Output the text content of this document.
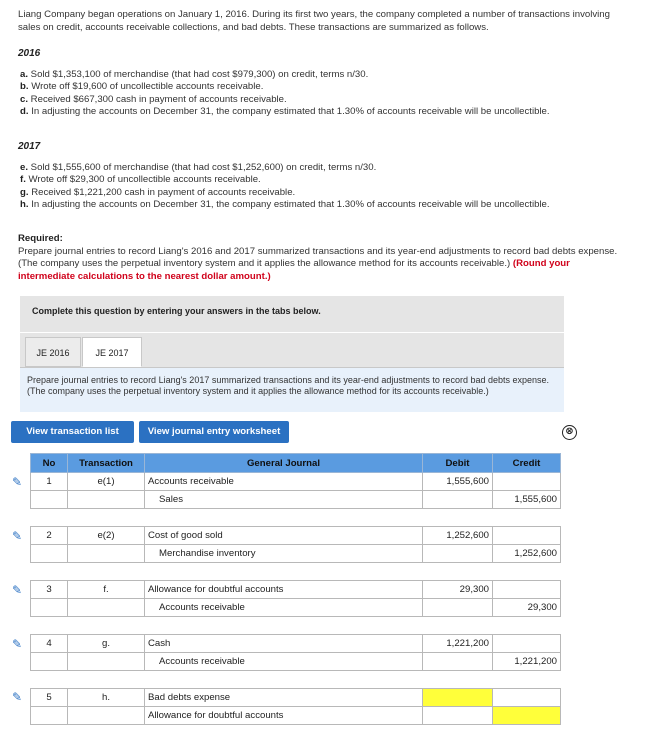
Liang Company began operations on January 1, 2016. During its first two years, the company completed a number of transactions involving sales on credit, accounts receivable collections, and bad debts. These transactions are summarized as follows.
2016
a. Sold $1,353,100 of merchandise (that had cost $979,300) on credit, terms n/30.
b. Wrote off $19,600 of uncollectible accounts receivable.
c. Received $667,300 cash in payment of accounts receivable.
d. In adjusting the accounts on December 31, the company estimated that 1.30% of accounts receivable will be uncollectible.
2017
e. Sold $1,555,600 of merchandise (that had cost $1,252,600) on credit, terms n/30.
f. Wrote off $29,300 of uncollectible accounts receivable.
g. Received $1,221,200 cash in payment of accounts receivable.
h. In adjusting the accounts on December 31, the company estimated that 1.30% of accounts receivable will be uncollectible.
Required:
Prepare journal entries to record Liang's 2016 and 2017 summarized transactions and its year-end adjustments to record bad debts expense. (The company uses the perpetual inventory system and it applies the allowance method for its accounts receivable.) (Round your intermediate calculations to the nearest dollar amount.)
Complete this question by entering your answers in the tabs below.
JE 2016	JE 2017
Prepare journal entries to record Liang's 2017 summarized transactions and its year-end adjustments to record bad debts expense. (The company uses the perpetual inventory system and it applies the allowance method for its accounts receivable.)
View transaction list	View journal entry worksheet	⊗
✎
✎
✎
✎
✎
No	Transaction	General Journal	Debit	Credit
1	e(1)	Accounts receivable	1,555,600	
		Sales		1,555,600

2	e(2)	Cost of good sold	1,252,600	
		Merchandise inventory		1,252,600

3	f.	Allowance for doubtful accounts	29,300	
		Accounts receivable		29,300

4	g.	Cash	1,221,200	
		Accounts receivable		1,221,200

5	h.	Bad debts expense		
		Allowance for doubtful accounts		
